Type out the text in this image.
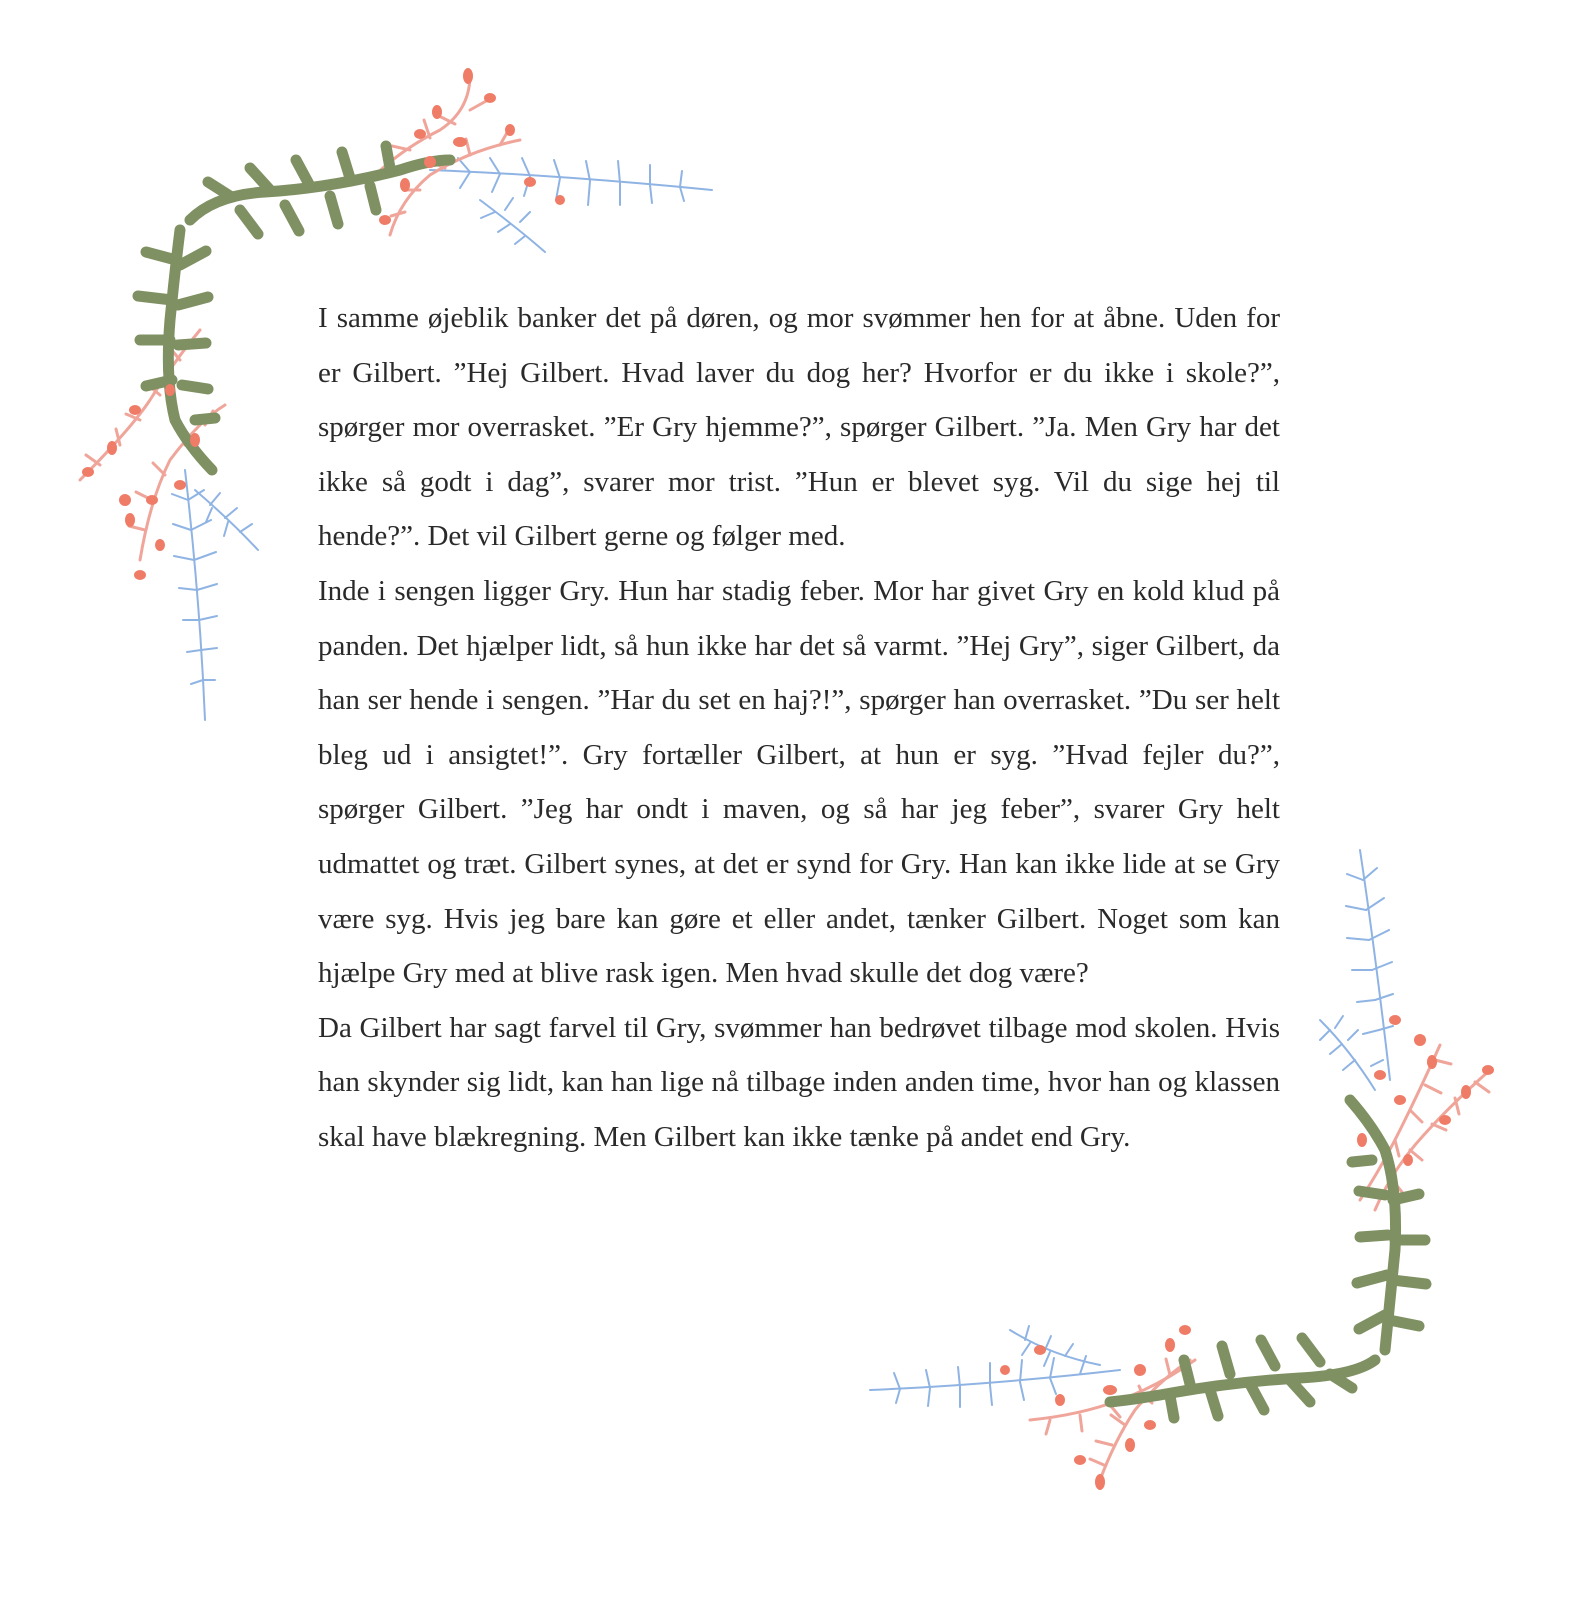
I samme øjeblik banker det på døren, og mor svømmer hen for at åbne. Uden for er Gilbert. ”Hej Gilbert. Hvad laver du dog her? Hvorfor er du ikke i skole?”, spørger mor overrasket. ”Er Gry hjemme?”, spørger Gilbert. ”Ja. Men Gry har det ikke så godt i dag”, svarer mor trist. ”Hun er blevet syg. Vil du sige hej til hende?”. Det vil Gilbert gerne og følger med.

Inde i sengen ligger Gry. Hun har stadig feber. Mor har givet Gry en kold klud på panden. Det hjælper lidt, så hun ikke har det så varmt. ”Hej Gry”, siger Gilbert, da han ser hende i sengen. ”Har du set en haj?!”, spørger han overrasket. ”Du ser helt bleg ud i ansigtet!”. Gry fortæller Gilbert, at hun er syg. ”Hvad fejler du?”, spørger Gilbert. ”Jeg har ondt i maven, og så har jeg feber”, svarer Gry helt udmattet og træt. Gilbert synes, at det er synd for Gry. Han kan ikke lide at se Gry være syg. Hvis jeg bare kan gøre et eller andet, tænker Gilbert. Noget som kan hjælpe Gry med at blive rask igen. Men hvad skulle det dog være?

Da Gilbert har sagt farvel til Gry, svømmer han bedrøvet tilbage mod skolen. Hvis han skynder sig lidt, kan han lige nå tilbage inden anden time, hvor han og klassen skal have blækregning. Men Gilbert kan ikke tænke på andet end Gry.
